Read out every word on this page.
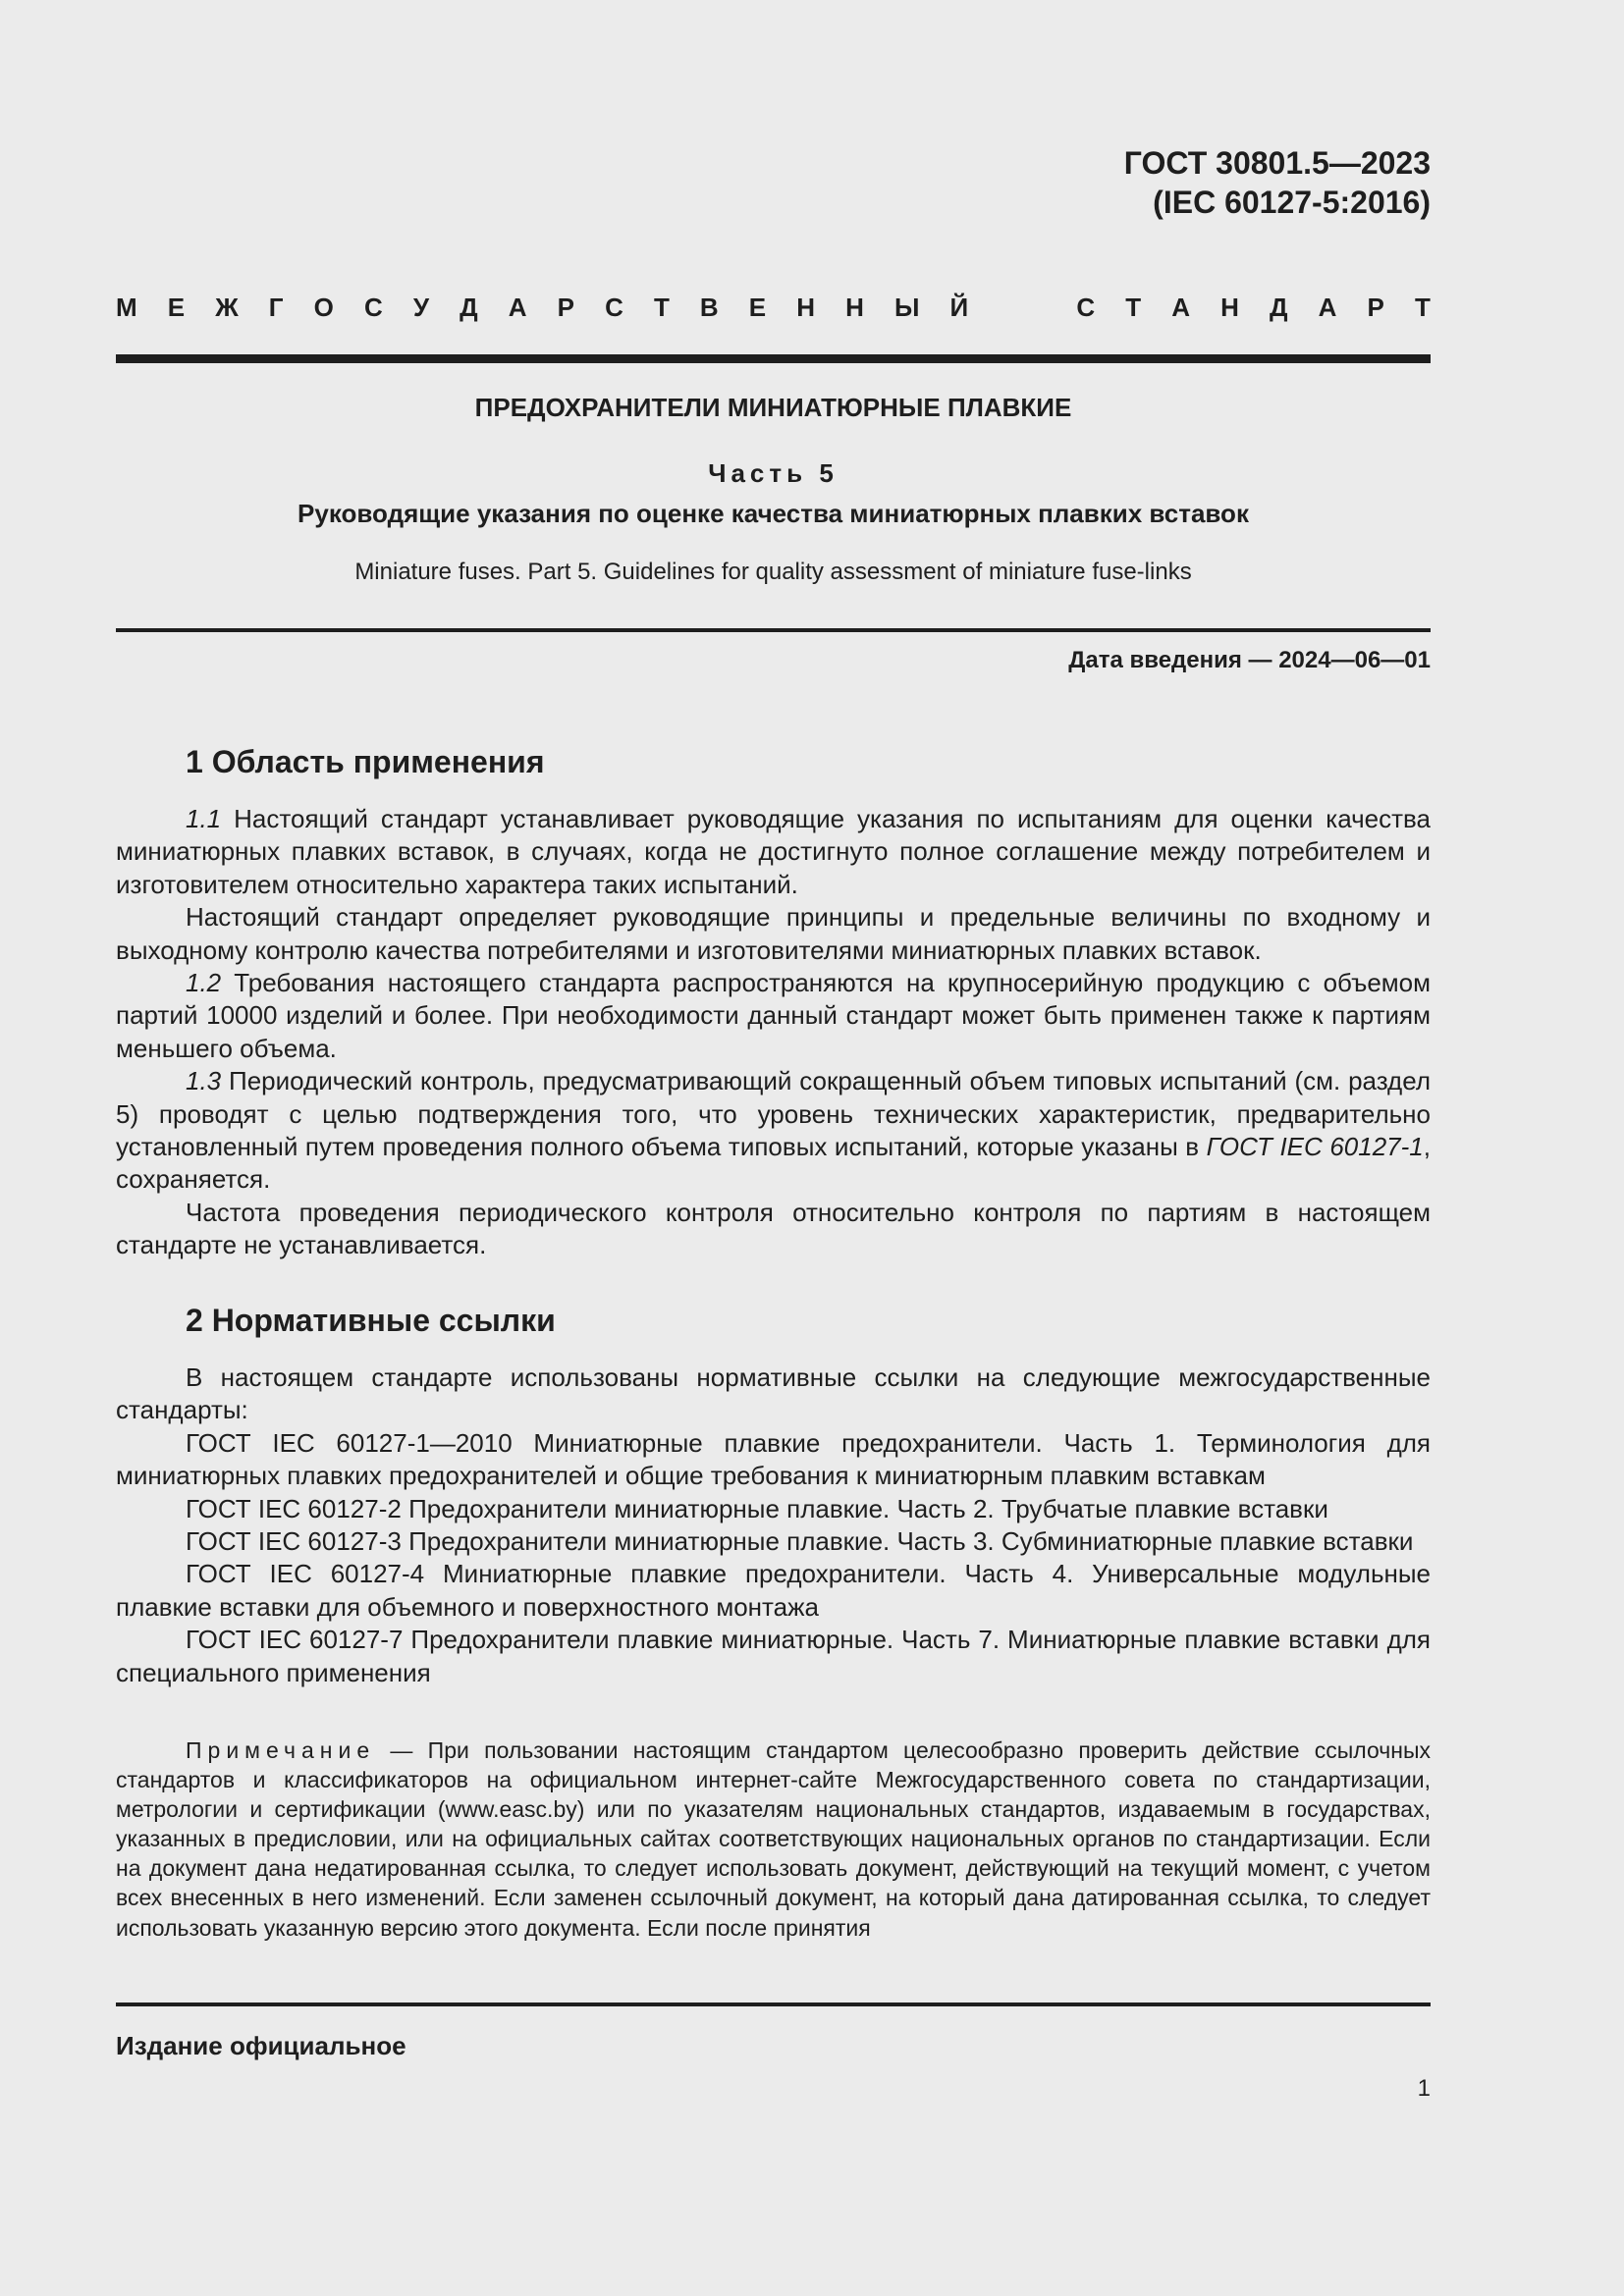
ГОСТ 30801.5—2023
(IEC 60127-5:2016)
М Е Ж Г О С У Д А Р С Т В Е Н Н Ы Й	С Т А Н Д А Р Т
ПРЕДОХРАНИТЕЛИ МИНИАТЮРНЫЕ ПЛАВКИЕ
Часть 5
Руководящие указания по оценке качества миниатюрных плавких вставок
Miniature fuses. Part 5. Guidelines for quality assessment of miniature fuse-links
Дата введения — 2024—06—01
1 Область применения

1.1 Настоящий стандарт устанавливает руководящие указания по испытаниям для оценки качества миниатюрных плавких вставок, в случаях, когда не достигнуто полное соглашение между потребителем и изготовителем относительно характера таких испытаний.

Настоящий стандарт определяет руководящие принципы и предельные величины по входному и выходному контролю качества потребителями и изготовителями миниатюрных плавких вставок.

1.2 Требования настоящего стандарта распространяются на крупносерийную продукцию с объемом партий 10000 изделий и более. При необходимости данный стандарт может быть применен также к партиям меньшего объема.

1.3 Периодический контроль, предусматривающий сокращенный объем типовых испытаний (см. раздел 5) проводят с целью подтверждения того, что уровень технических характеристик, предварительно установленный путем проведения полного объема типовых испытаний, которые указаны в ГОСТ IEC 60127-1, сохраняется.

Частота проведения периодического контроля относительно контроля по партиям в настоящем стандарте не устанавливается.

2 Нормативные ссылки

В настоящем стандарте использованы нормативные ссылки на следующие межгосударственные стандарты:

ГОСТ IEC 60127-1—2010 Миниатюрные плавкие предохранители. Часть 1. Терминология для миниатюрных плавких предохранителей и общие требования к миниатюрным плавким вставкам

ГОСТ IEC 60127-2 Предохранители миниатюрные плавкие. Часть 2. Трубчатые плавкие вставки

ГОСТ IEC 60127-3 Предохранители миниатюрные плавкие. Часть 3. Субминиатюрные плавкие вставки

ГОСТ IEC 60127-4 Миниатюрные плавкие предохранители. Часть 4. Универсальные модульные плавкие вставки для объемного и поверхностного монтажа

ГОСТ IEC 60127-7 Предохранители плавкие миниатюрные. Часть 7. Миниатюрные плавкие вставки для специального применения

Примечание — При пользовании настоящим стандартом целесообразно проверить действие ссылочных стандартов и классификаторов на официальном интернет-сайте Межгосударственного совета по стандартизации, метрологии и сертификации (www.easc.by) или по указателям национальных стандартов, издаваемым в государствах, указанных в предисловии, или на официальных сайтах соответствующих национальных органов по стандартизации. Если на документ дана недатированная ссылка, то следует использовать документ, действующий на текущий момент, с учетом всех внесенных в него изменений. Если заменен ссылочный документ, на который дана датированная ссылка, то следует использовать указанную версию этого документа. Если после принятия

Издание официальное
1
